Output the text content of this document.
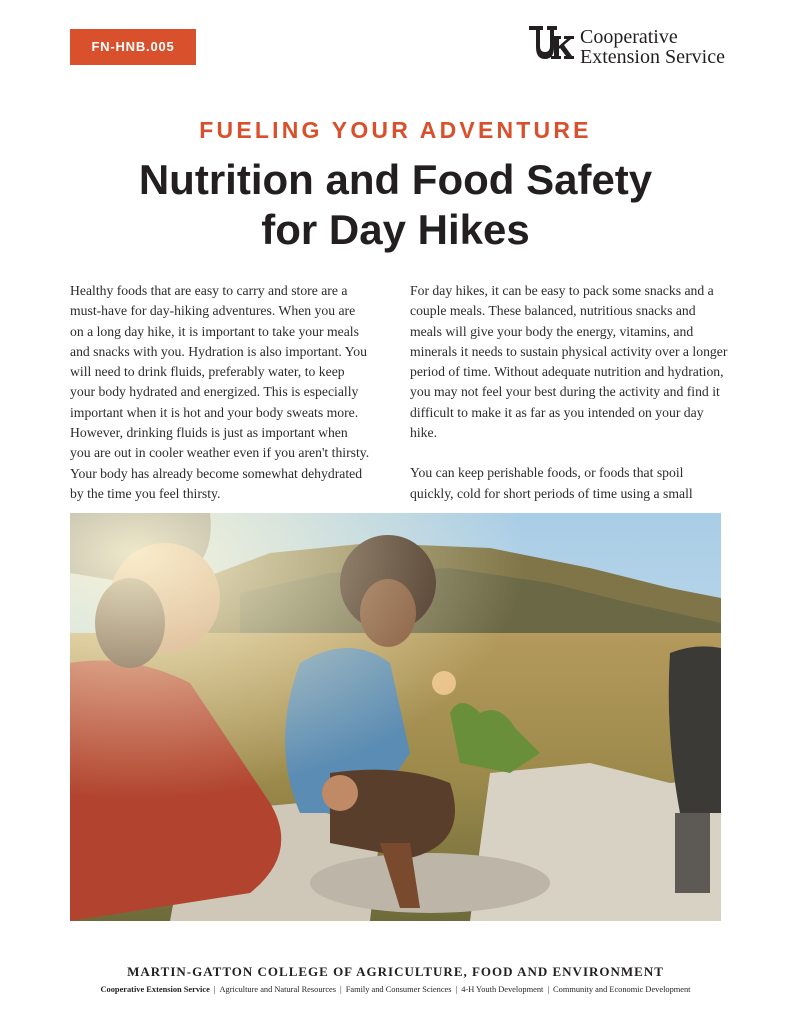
FN-HNB.005	Cooperative
Extension Service
FUELING YOUR ADVENTURE
Nutrition and Food Safety
for Day Hikes

Healthy foods that are easy to carry and store are a must-have for day-hiking adventures. When you are on a long day hike, it is important to take your meals and snacks with you. Hydration is also important. You will need to drink fluids, preferably water, to keep your body hydrated and energized. This is especially important when it is hot and your body sweats more. However, drinking fluids is just as important when you are out in cooler weather even if you aren't thirsty. Your body has already become somewhat dehydrated by the time you feel thirsty.

For day hikes, it can be easy to pack some snacks and a couple meals. These balanced, nutritious snacks and meals will give your body the energy, vitamins, and minerals it needs to sustain physical activity over a longer period of time. Without adequate nutrition and hydration, you may not feel your best during the activity and find it difficult to make it as far as you intended on your day hike.

You can keep perishable foods, or foods that spoil quickly, cold for short periods of time using a small

MARTIN-GATTON COLLEGE OF AGRICULTURE, FOOD AND ENVIRONMENT
Cooperative Extension Service | Agriculture and Natural Resources | Family and Consumer Sciences | 4-H Youth Development | Community and Economic Development
